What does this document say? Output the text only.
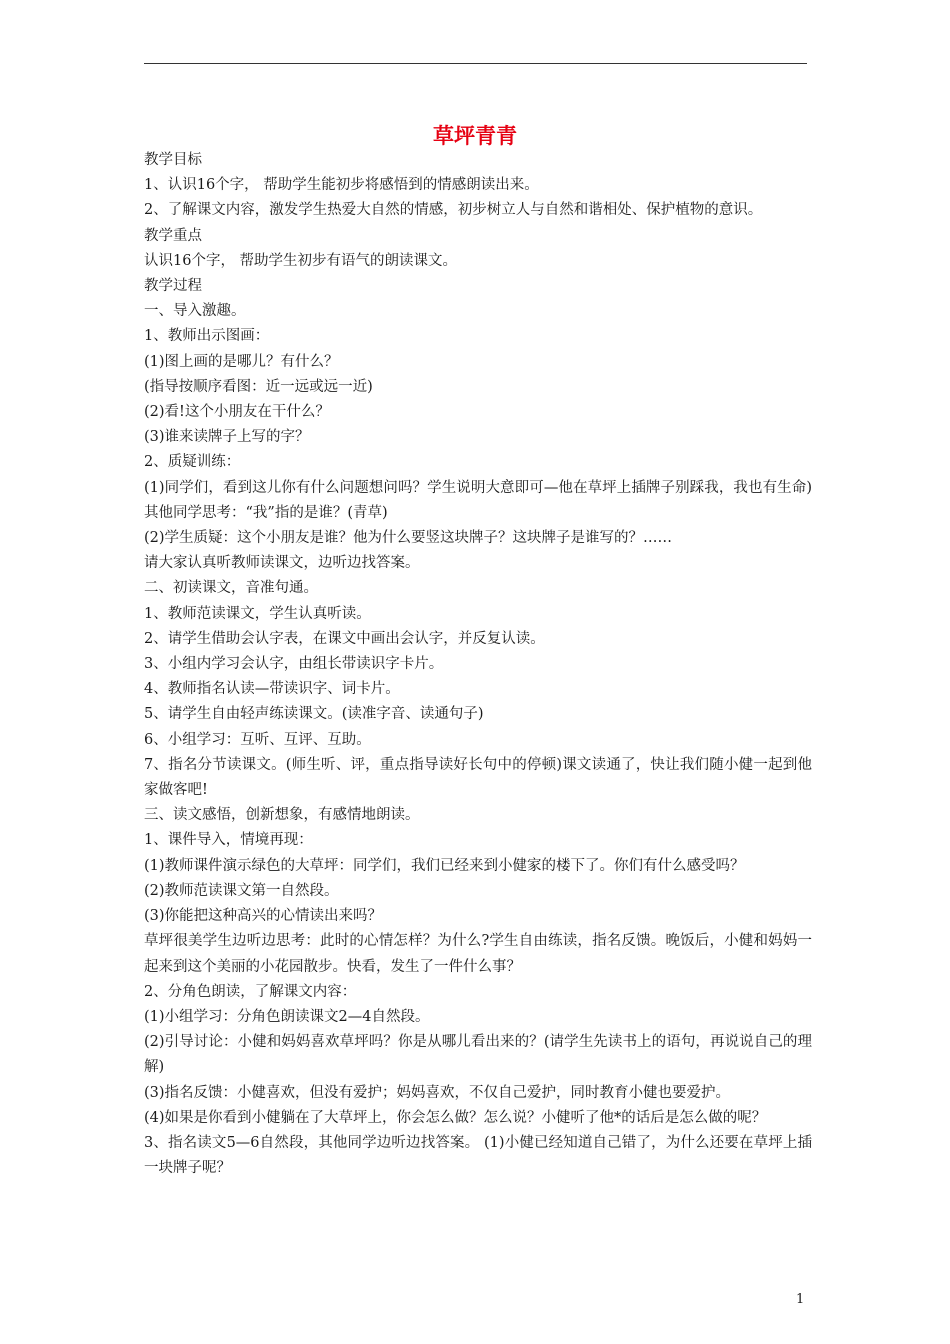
草坪青青

教学目标

1、认识16个字， 帮助学生能初步将感悟到的情感朗读出来。

2、了解课文内容，激发学生热爱大自然的情感，初步树立人与自然和谐相处、保护植物的意识。

教学重点

认识16个字， 帮助学生初步有语气的朗读课文。

教学过程

一、导入激趣。

1、教师出示图画：

(1)图上画的是哪儿？有什么？

(指导按顺序看图：近一远或远一近)

(2)看!这个小朋友在干什么？

(3)谁来读牌子上写的字？

2、质疑训练：

(1)同学们，看到这儿你有什么问题想问吗？学生说明大意即可—他在草坪上插牌子别踩我，我也有生命)其他同学思考：“我”指的是谁？(青草)

(2)学生质疑：这个小朋友是谁？他为什么要竖这块牌子？这块牌子是谁写的？……

请大家认真听教师读课文，边听边找答案。

二、初读课文，音准句通。

1、教师范读课文，学生认真听读。

2、请学生借助会认字表，在课文中画出会认字，并反复认读。

3、小组内学习会认字，由组长带读识字卡片。

4、教师指名认读—带读识字、词卡片。

5、请学生自由轻声练读课文。(读准字音、读通句子)

6、小组学习：互听、互评、互助。

7、指名分节读课文。(师生听、评，重点指导读好长句中的停顿)课文读通了，快让我们随小健一起到他家做客吧!

三、读文感悟，创新想象，有感情地朗读。

1、课件导入，情境再现：

(1)教师课件演示绿色的大草坪：同学们，我们已经来到小健家的楼下了。你们有什么感受吗？

(2)教师范读课文第一自然段。

(3)你能把这种高兴的心情读出来吗？

草坪很美学生边听边思考：此时的心情怎样？为什么?学生自由练读，指名反馈。晚饭后，小健和妈妈一起来到这个美丽的小花园散步。快看，发生了一件什么事？

2、分角色朗读，了解课文内容：

(1)小组学习：分角色朗读课文2—4自然段。

(2)引导讨论：小健和妈妈喜欢草坪吗？你是从哪儿看出来的？(请学生先读书上的语句，再说说自己的理解)

(3)指名反馈：小健喜欢，但没有爱护；妈妈喜欢，不仅自己爱护，同时教育小健也要爱护。

(4)如果是你看到小健躺在了大草坪上，你会怎么做？怎么说？小健听了他*的话后是怎么做的呢？

3、指名读文5—6自然段，其他同学边听边找答案。 (1)小健已经知道自己错了，为什么还要在草坪上插一块牌子呢？

1
